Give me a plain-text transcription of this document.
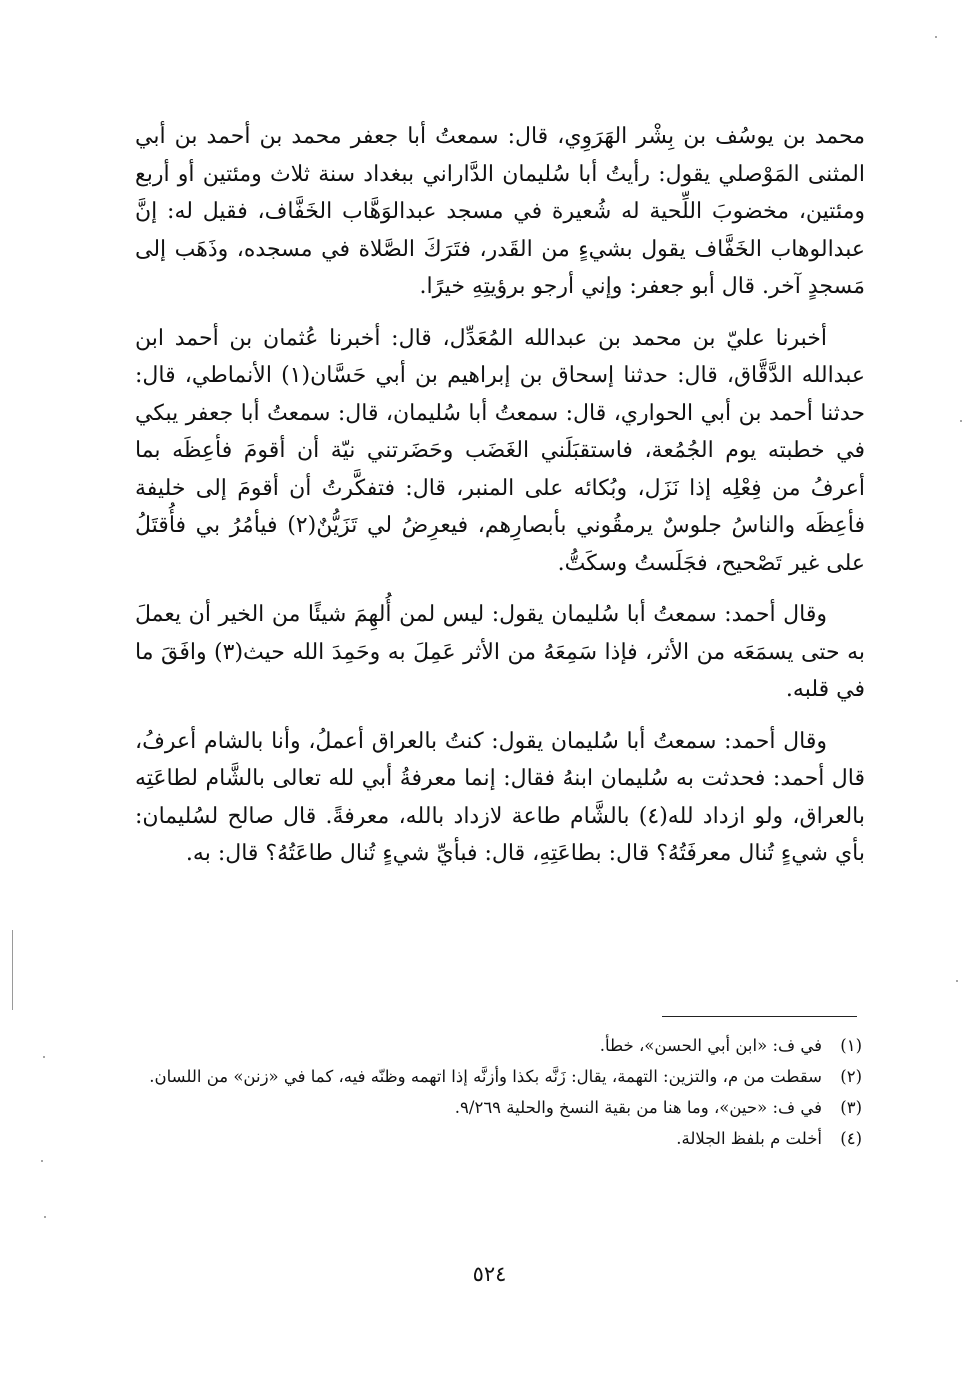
محمد بن يوسُف بن بِشْر الهَرَوِي، قال: سمعتُ أبا جعفر محمد بن أحمد بن أبي المثنى المَوْصلي يقول: رأيتُ أبا سُليمان الدَّاراني ببغداد سنة ثلاث ومئتين أو أربع ومئتين، مخضوبَ اللِّحية له شُعيرة في مسجد عبدالوَهَّاب الخَفَّاف، فقيل له: إنَّ عبدالوهاب الخَفَّاف يقول بشيءٍ من القَدر، فتَرَكَ الصَّلاة في مسجده، وذَهَب إلى مَسجدٍ آخر. قال أبو جعفر: وإني أرجو برؤيتِهِ خيرًا.

أخبرنا عليّ بن محمد بن عبدالله المُعَدِّل، قال: أخبرنا عُثمان بن أحمد ابن عبدالله الدَّقَّاق، قال: حدثنا إسحاق بن إبراهيم بن أبي حَسَّان(١) الأنماطي، قال: حدثنا أحمد بن أبي الحواري، قال: سمعتُ أبا سُليمان، قال: سمعتُ أبا جعفر يبكي في خطبته يوم الجُمُعة، فاستقبَلَني الغَضَب وحَضَرتني نيّة أن أقومَ فأعِظَه بما أعرفُ من فِعْلِه إذا نَزَل، وبُكائه على المنبر، قال: فتفكَّرتُ أن أقومَ إلى خليفة فأعِظَه والناسُ جلوسٌ يرمقُوني بأبصارِهم، فيعرِضُ لي تَزَيُّنٌ(٢) فيأمُرُ بي فأُقتَلُ على غير تَصْحيح، فجَلَستُ وسكَتُّ.

وقال أحمد: سمعتُ أبا سُليمان يقول: ليس لمن أُلهِمَ شيئًا من الخير أن يعملَ به حتى يسمَعَه من الأثر، فإذا سَمِعَهُ من الأثر عَمِلَ به وحَمِدَ الله حيث(٣) وافَقَ ما في قلبه.

وقال أحمد: سمعتُ أبا سُليمان يقول: كنتُ بالعراق أعملُ، وأنا بالشام أعرفُ، قال أحمد: فحدثت به سُليمان ابنهُ فقال: إنما معرفةُ أبي لله تعالى بالشَّام لطاعَتِه بالعراق، ولو ازداد لله(٤) بالشَّام طاعة لازداد بالله، معرفةً. قال صالح لسُليمان: بأي شيءٍ تُنال معرفَتُهُ؟ قال: بطاعَتِهِ، قال: فبأيِّ شيءٍ تُنال طاعَتُهُ؟ قال: به.

(١)
في ف: «ابن أبي الحسن»، خطأ.
(٢)
سقطت من م، والتزين: التهمة، يقال: زَنَّه بكذا وأزنَّه إذا اتهمه وظنّه فيه، كما في «زنن» من اللسان.
(٣)
في ف: «حين»، وما هنا من بقية النسخ والحلية ٩/٢٦٩.
(٤)
أخلت م بلفظ الجلالة.
٥٢٤
